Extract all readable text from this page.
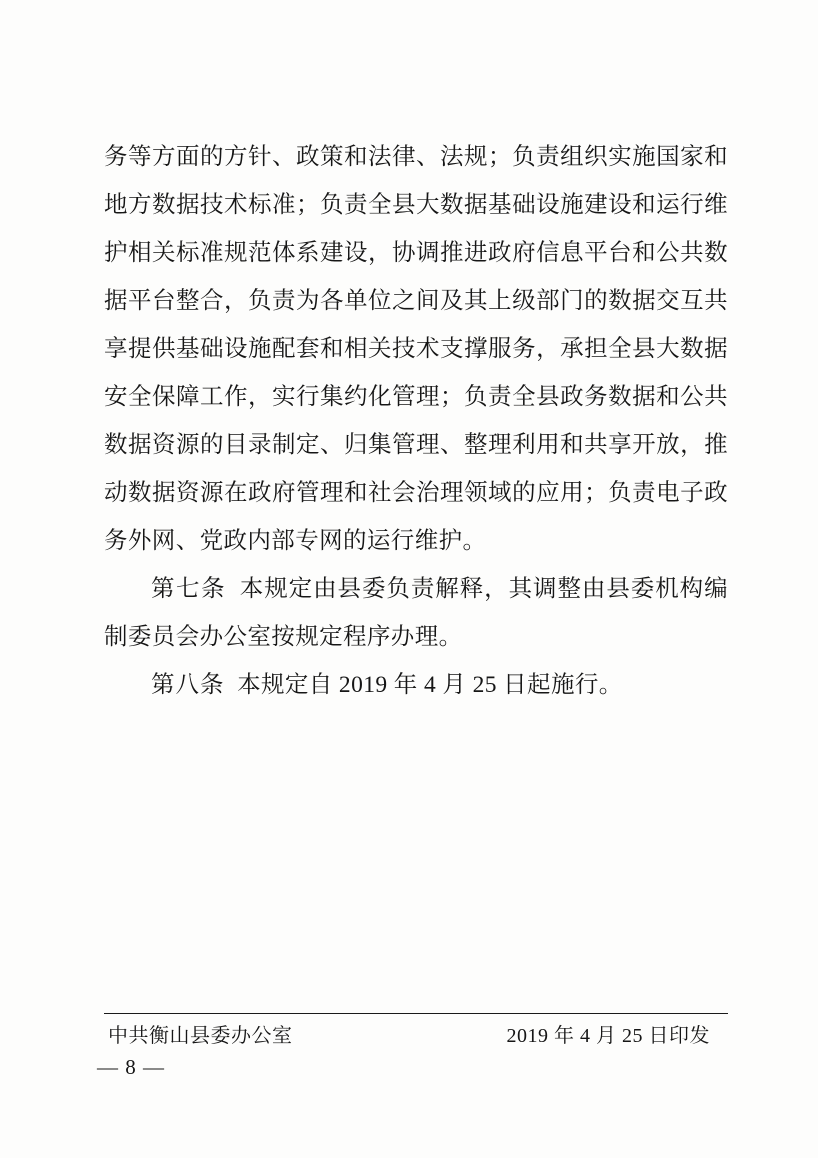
务等方面的方针、政策和法律、法规；负责组织实施国家和地方数据技术标准；负责全县大数据基础设施建设和运行维护相关标准规范体系建设，协调推进政府信息平台和公共数据平台整合，负责为各单位之间及其上级部门的数据交互共享提供基础设施配套和相关技术支撑服务，承担全县大数据安全保障工作，实行集约化管理；负责全县政务数据和公共数据资源的目录制定、归集管理、整理利用和共享开放，推动数据资源在政府管理和社会治理领域的应用；负责电子政务外网、党政内部专网的运行维护。

第七条 本规定由县委负责解释，其调整由县委机构编制委员会办公室按规定程序办理。

第八条 本规定自 2019 年 4 月 25 日起施行。

中共衡山县委办公室	2019 年 4 月 25 日印发
— 8 —
